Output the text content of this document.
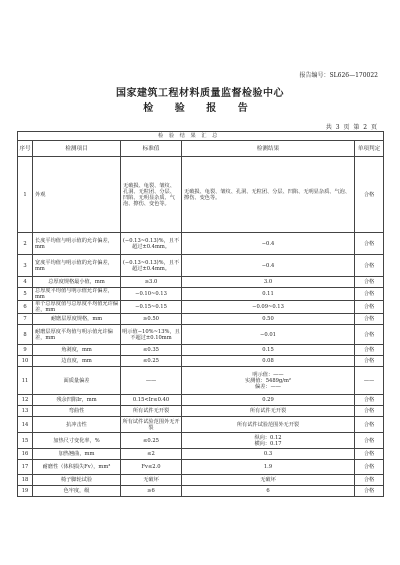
报告编号：SL626—170022
国家建筑工程材料质量监督检验中心
检 验 报 告
共 3 页 第 2 页
检 验 结 果 汇 总				
序号	检测项目	标准值	检测结果	单项判定
1	外观	无破损、龟裂、皱纹、孔洞、无粒团、分层、凹陷、无明显杂质、气泡、擦伤、变色等。	无破损、龟裂、皱纹、孔洞、无粒团、分层、凹陷、无明显杂质、气泡、擦伤、变色等。	合格
2	长度平均值与明示值的允许偏差，mm	(−0.13~0.13)%，且不超过±0.4mm。	−0.4	合格
3	宽度平均值与明示值的允许偏差，mm	(−0.13~0.13)%，且不超过±0.4mm。	−0.4	合格
4	总厚度规格最小值，mm	≥3.0	3.0	合格
5	总厚度平均值与明示值允许偏差，mm	−0.10~0.13	0.11	合格
6	单个总厚度值与总厚度平均值允许偏差，mm	−0.15~0.15	−0.09~0.13	合格
7	耐磨层厚度规格，mm	≥0.50	0.50	合格
8	耐磨层厚度平均值与明示值允许偏差，mm	明示值−10%~13%，且不超过±0.10mm	−0.01	合格
9	角剥度，mm	≤0.35	0.15	合格
10	边直度，mm	≤0.25	0.08	合格
11	面质量偏差	——	明示值：——
实测值：5489g/m²
偏差：——	——
12	残余凹陷Ir，mm	0.15<Ir≤0.40	0.29	合格
13	弯曲性	所有试件无开裂	所有试件无开裂	合格
14	抗冲击性	所有试件试验范围外无开裂	所有试件试验范围外无开裂	合格
15	加热尺寸变化率，%	≤0.25	纵向：0.12
横向：0.17	合格
16	加热翘曲，mm	≤2	0.3	合格
17	耐磨性（体积损失Fv），mm³	Fv≤2.0	1.9	合格
18	椅子脚轮试验	无破坏	无破坏	合格
19	色牢度，级	≥6	6	合格
